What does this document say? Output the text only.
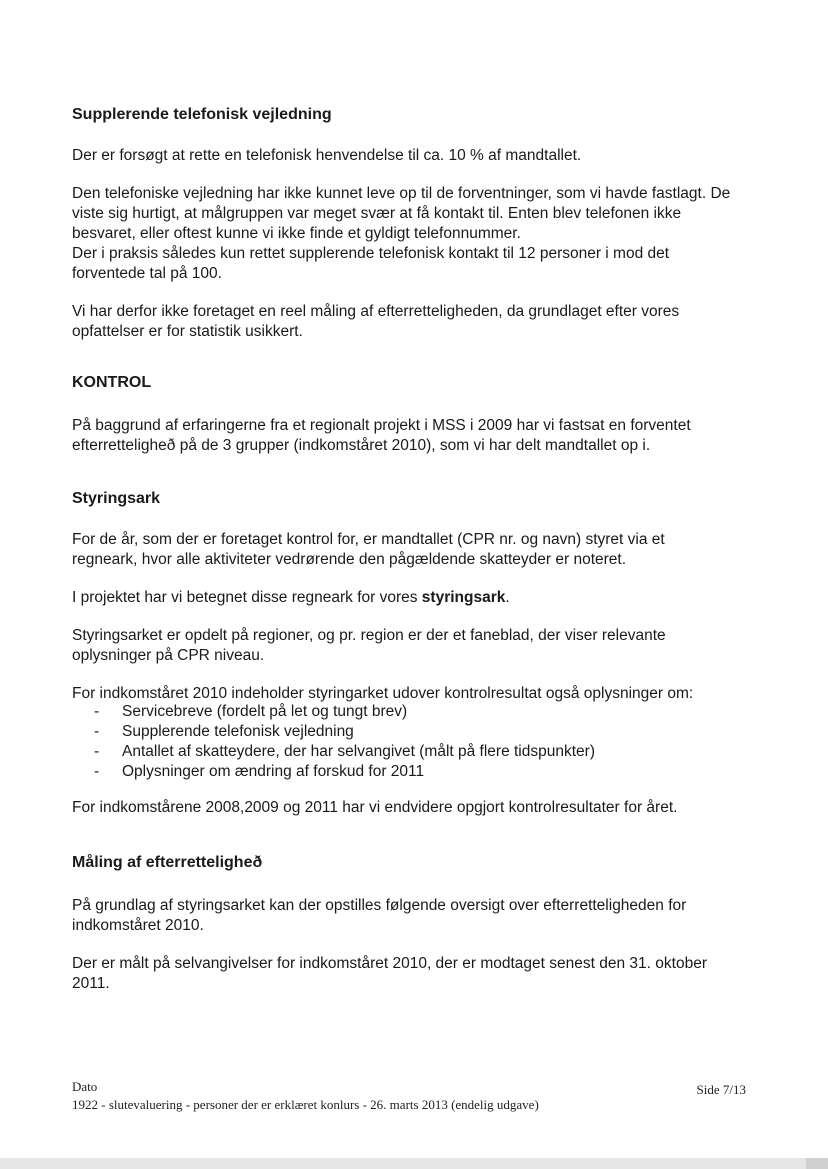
Supplerende telefonisk vejledning

Der er forsøgt at rette en telefonisk henvendelse til ca. 10 % af mandtallet.

Den telefoniske vejledning har ikke kunnet leve op til de forventninger, som vi havde fastlagt. De viste sig hurtigt, at målgruppen var meget svær at få kontakt til. Enten blev telefonen ikke besvaret, eller oftest kunne vi ikke finde et gyldigt telefonnummer.

Der i praksis således kun rettet supplerende telefonisk kontakt til 12 personer i mod det forventede tal på 100.

Vi har derfor ikke foretaget en reel måling af efterretteligheden, da grundlaget efter vores opfattelser er for statistik usikkert.

KONTROL

På baggrund af erfaringerne fra et regionalt projekt i MSS i 2009 har vi fastsat en forventet efterretteligheð på de 3 grupper (indkomståret 2010), som vi har delt mandtallet op i.

Styringsark

For de år, som der er foretaget kontrol for, er mandtallet (CPR nr. og navn) styret via et regneark, hvor alle aktiviteter vedrørende den pågældende skatteyder er noteret.

I projektet har vi betegnet disse regneark for vores styringsark.

Styringsarket er opdelt på regioner, og pr. region er der et faneblad, der viser relevante oplysninger på CPR niveau.

For indkomståret 2010 indeholder styringarket udover kontrolresultat også oplysninger om:

- Servicebreve (fordelt på let og tungt brev)
- Supplerende telefonisk vejledning
- Antallet af skatteydere, der har selvangivet (målt på flere tidspunkter)
- Oplysninger om ændring af forskud for 2011

For indkomstårene 2008,2009 og 2011 har vi endvidere opgjort kontrolresultater for året.

Måling af efterretteligheð

På grundlag af styringsarket kan der opstilles følgende oversigt over efterretteligheden for indkomståret 2010.

Der er målt på selvangivelser for indkomståret 2010, der er modtaget senest den 31. oktober 2011.

Dato	Side 7/13
1922 - slutevaluering - personer der er erklæret konlurs - 26. marts 2013 (endelig udgave)
